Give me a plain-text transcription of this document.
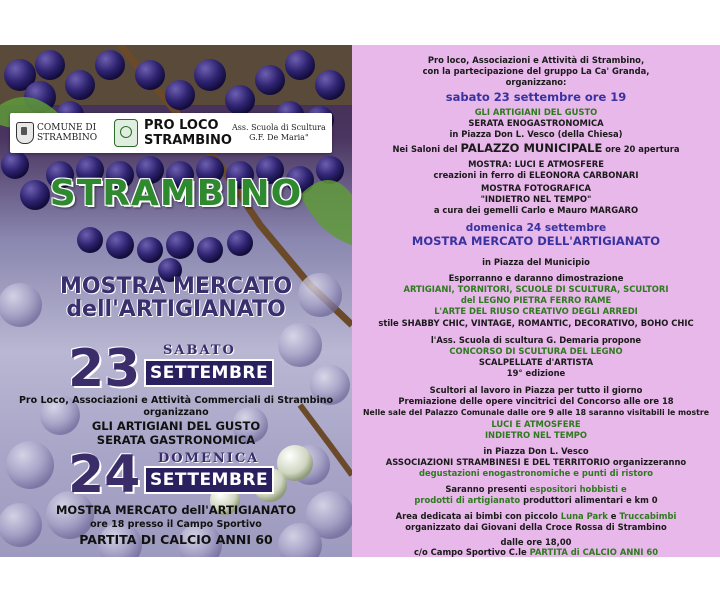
COMUNE DI
STRAMBINO
PRO LOCO
STRAMBINO
Ass. Scuola di Scultura
G.F. De Maria"
STRAMBINO
MOSTRA MERCATO
dell'ARTIGIANATO
23 SABATO
SETTEMBRE
Pro Loco, Associazioni e Attività Commerciali di Strambino
organizzano
GLI ARTIGIANI DEL GUSTO
SERATA GASTRONOMICA
24 DOMENICA
SETTEMBRE
MOSTRA MERCATO dell'ARTIGIANATO
ore 18 presso il Campo Sportivo
PARTITA DI CALCIO ANNI 60
Pro loco, Associazioni e Attività di Strambino,
con la partecipazione del gruppo La Ca' Granda,
organizzano:
sabato 23 settembre ore 19
GLI ARTIGIANI DEL GUSTO
SERATA ENOGASTRONOMICA
in Piazza Don L. Vesco (della Chiesa)
Nei Saloni del PALAZZO MUNICIPALE ore 20 apertura
MOSTRA: LUCI E ATMOSFERE
creazioni in ferro di ELEONORA CARBONARI
MOSTRA FOTOGRAFICA
"INDIETRO NEL TEMPO"
a cura dei gemelli Carlo e Mauro MARGARO
domenica 24 settembre
MOSTRA MERCATO DELL'ARTIGIANATO
in Piazza del Municipio
Esporranno e daranno dimostrazione
ARTIGIANI, TORNITORI, SCUOLE DI SCULTURA, SCULTORI
del LEGNO PIETRA FERRO RAME
L'ARTE DEL RIUSO CREATIVO DEGLI ARREDI
stile SHABBY CHIC, VINTAGE, ROMANTIC, DECORATIVO, BOHO CHIC
l'Ass. Scuola di scultura G. Demaria propone
CONCORSO DI SCULTURA DEL LEGNO
SCALPELLATE d'ARTISTA
19° edizione
Scultori al lavoro in Piazza per tutto il giorno
Premiazione delle opere vincitrici del Concorso alle ore 18
Nelle sale del Palazzo Comunale dalle ore 9 alle 18 saranno visitabili le mostre
LUCI E ATMOSFERE
INDIETRO NEL TEMPO
in Piazza Don L. Vesco
ASSOCIAZIONI STRAMBINESI E DEL TERRITORIO organizzeranno
degustazioni enogastronomiche e punti di ristoro
Saranno presenti espositori hobbisti e
prodotti di artigianato produttori alimentari e km 0
Area dedicata ai bimbi con piccolo Luna Park e Truccabimbi
organizzato dai Giovani della Croce Rossa di Strambino
dalle ore 18,00
c/o Campo Sportivo C.le PARTITA di CALCIO ANNI 60
